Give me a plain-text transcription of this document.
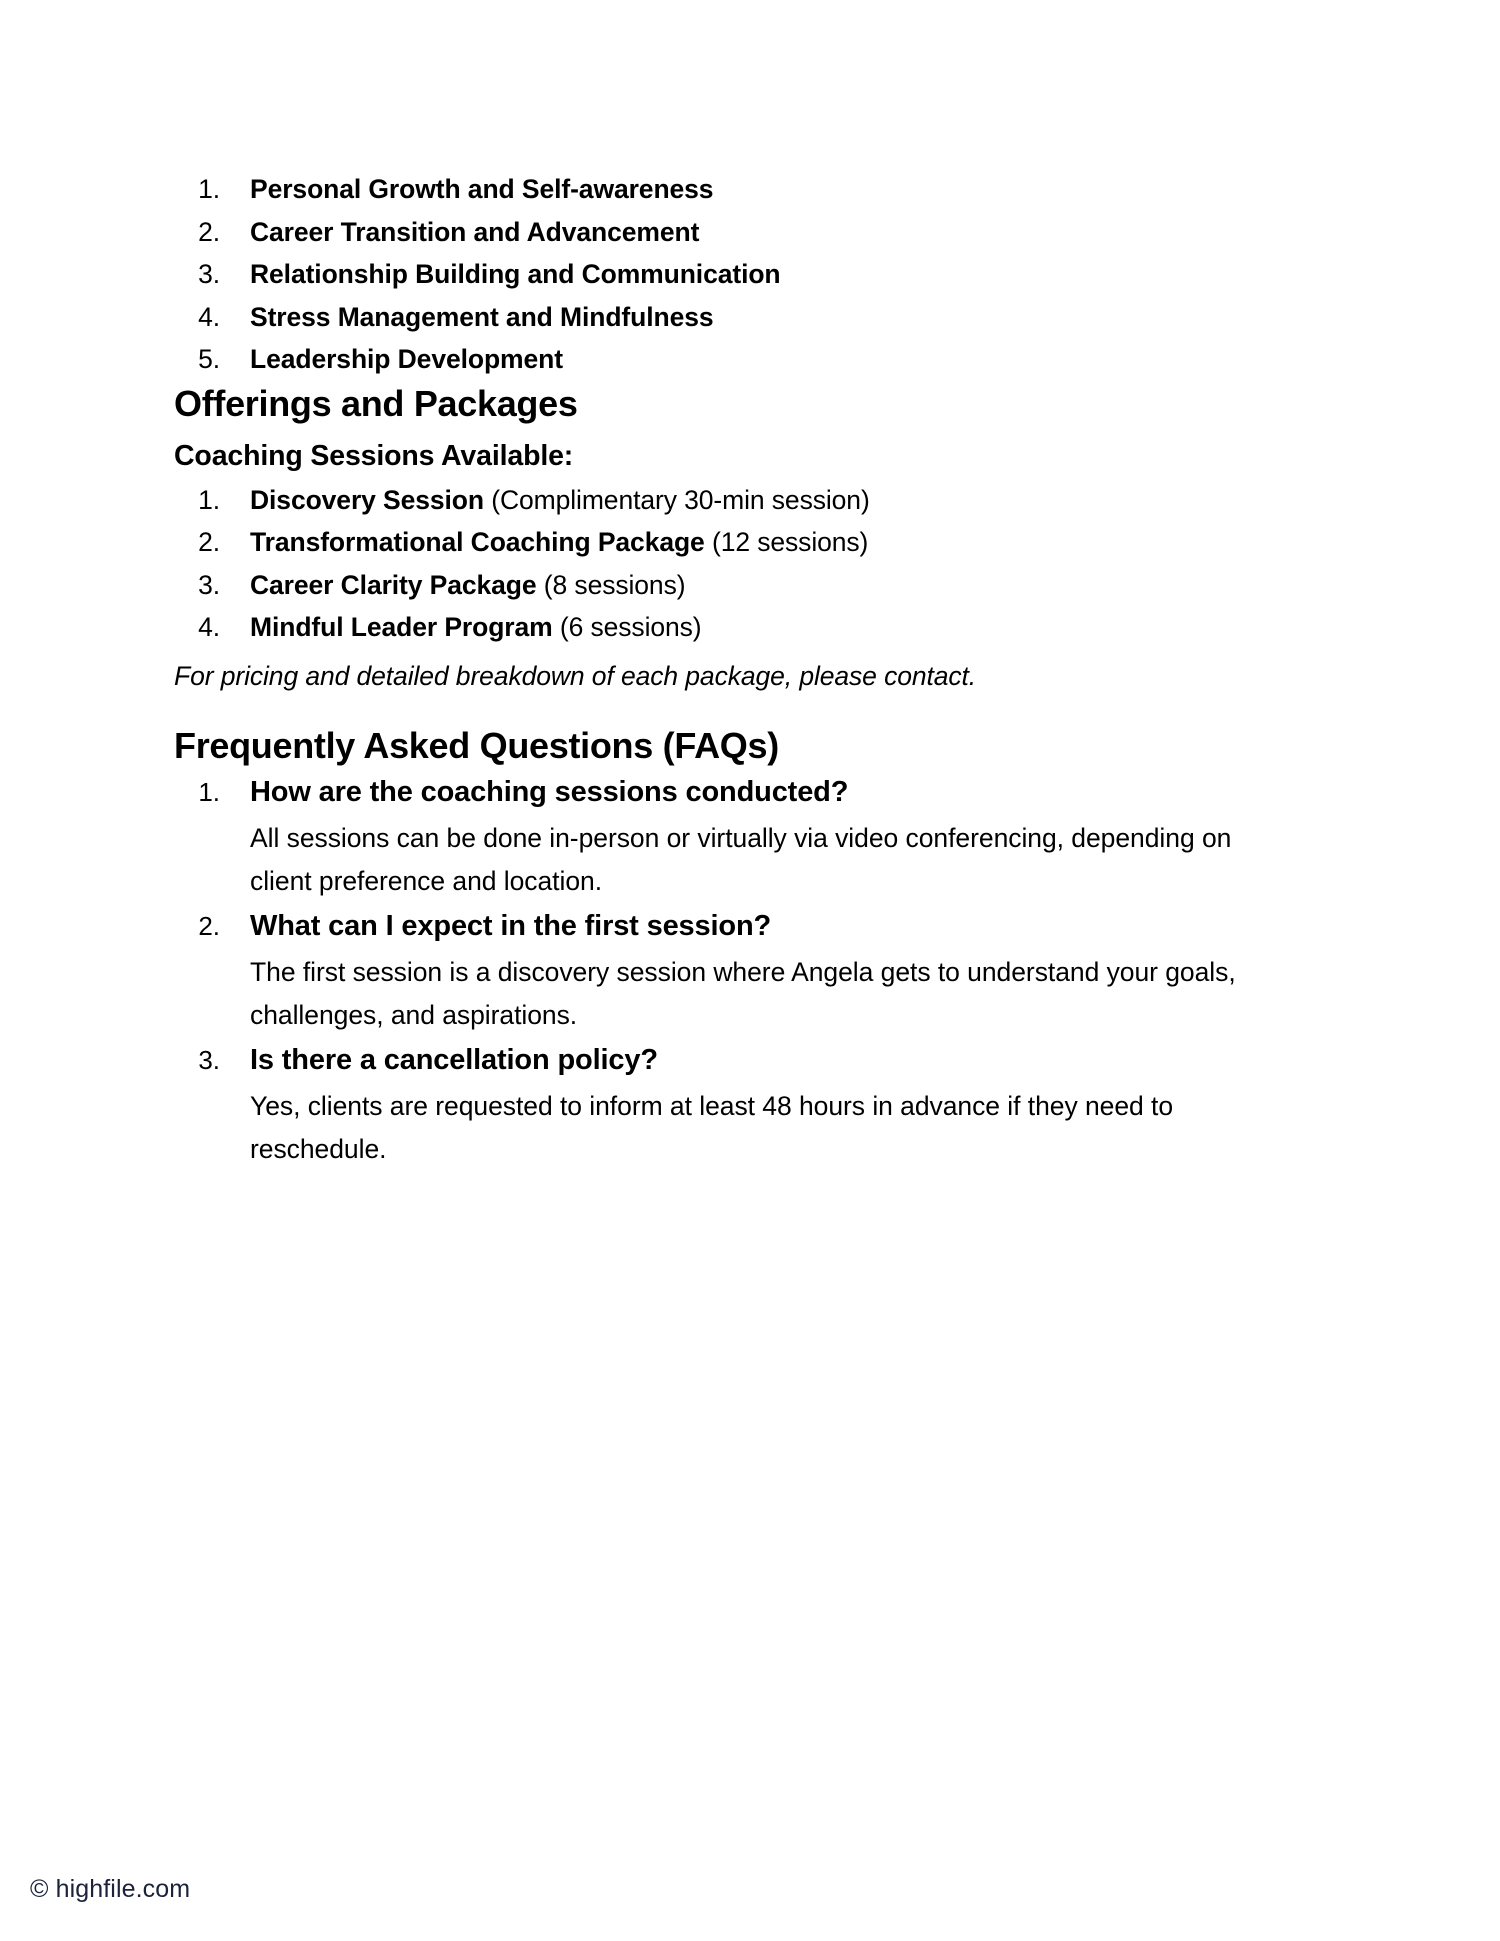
1. Personal Growth and Self-awareness
2. Career Transition and Advancement
3. Relationship Building and Communication
4. Stress Management and Mindfulness
5. Leadership Development
Offerings and Packages
Coaching Sessions Available:
1. Discovery Session (Complimentary 30-min session)
2. Transformational Coaching Package (12 sessions)
3. Career Clarity Package (8 sessions)
4. Mindful Leader Program (6 sessions)

For pricing and detailed breakdown of each package, please contact.

Frequently Asked Questions (FAQs)
1. How are the coaching sessions conducted?
All sessions can be done in-person or virtually via video conferencing, depending on client preference and location.
2. What can I expect in the first session?
The first session is a discovery session where Angela gets to understand your goals, challenges, and aspirations.
3. Is there a cancellation policy?
Yes, clients are requested to inform at least 48 hours in advance if they need to reschedule.
© highfile.com
